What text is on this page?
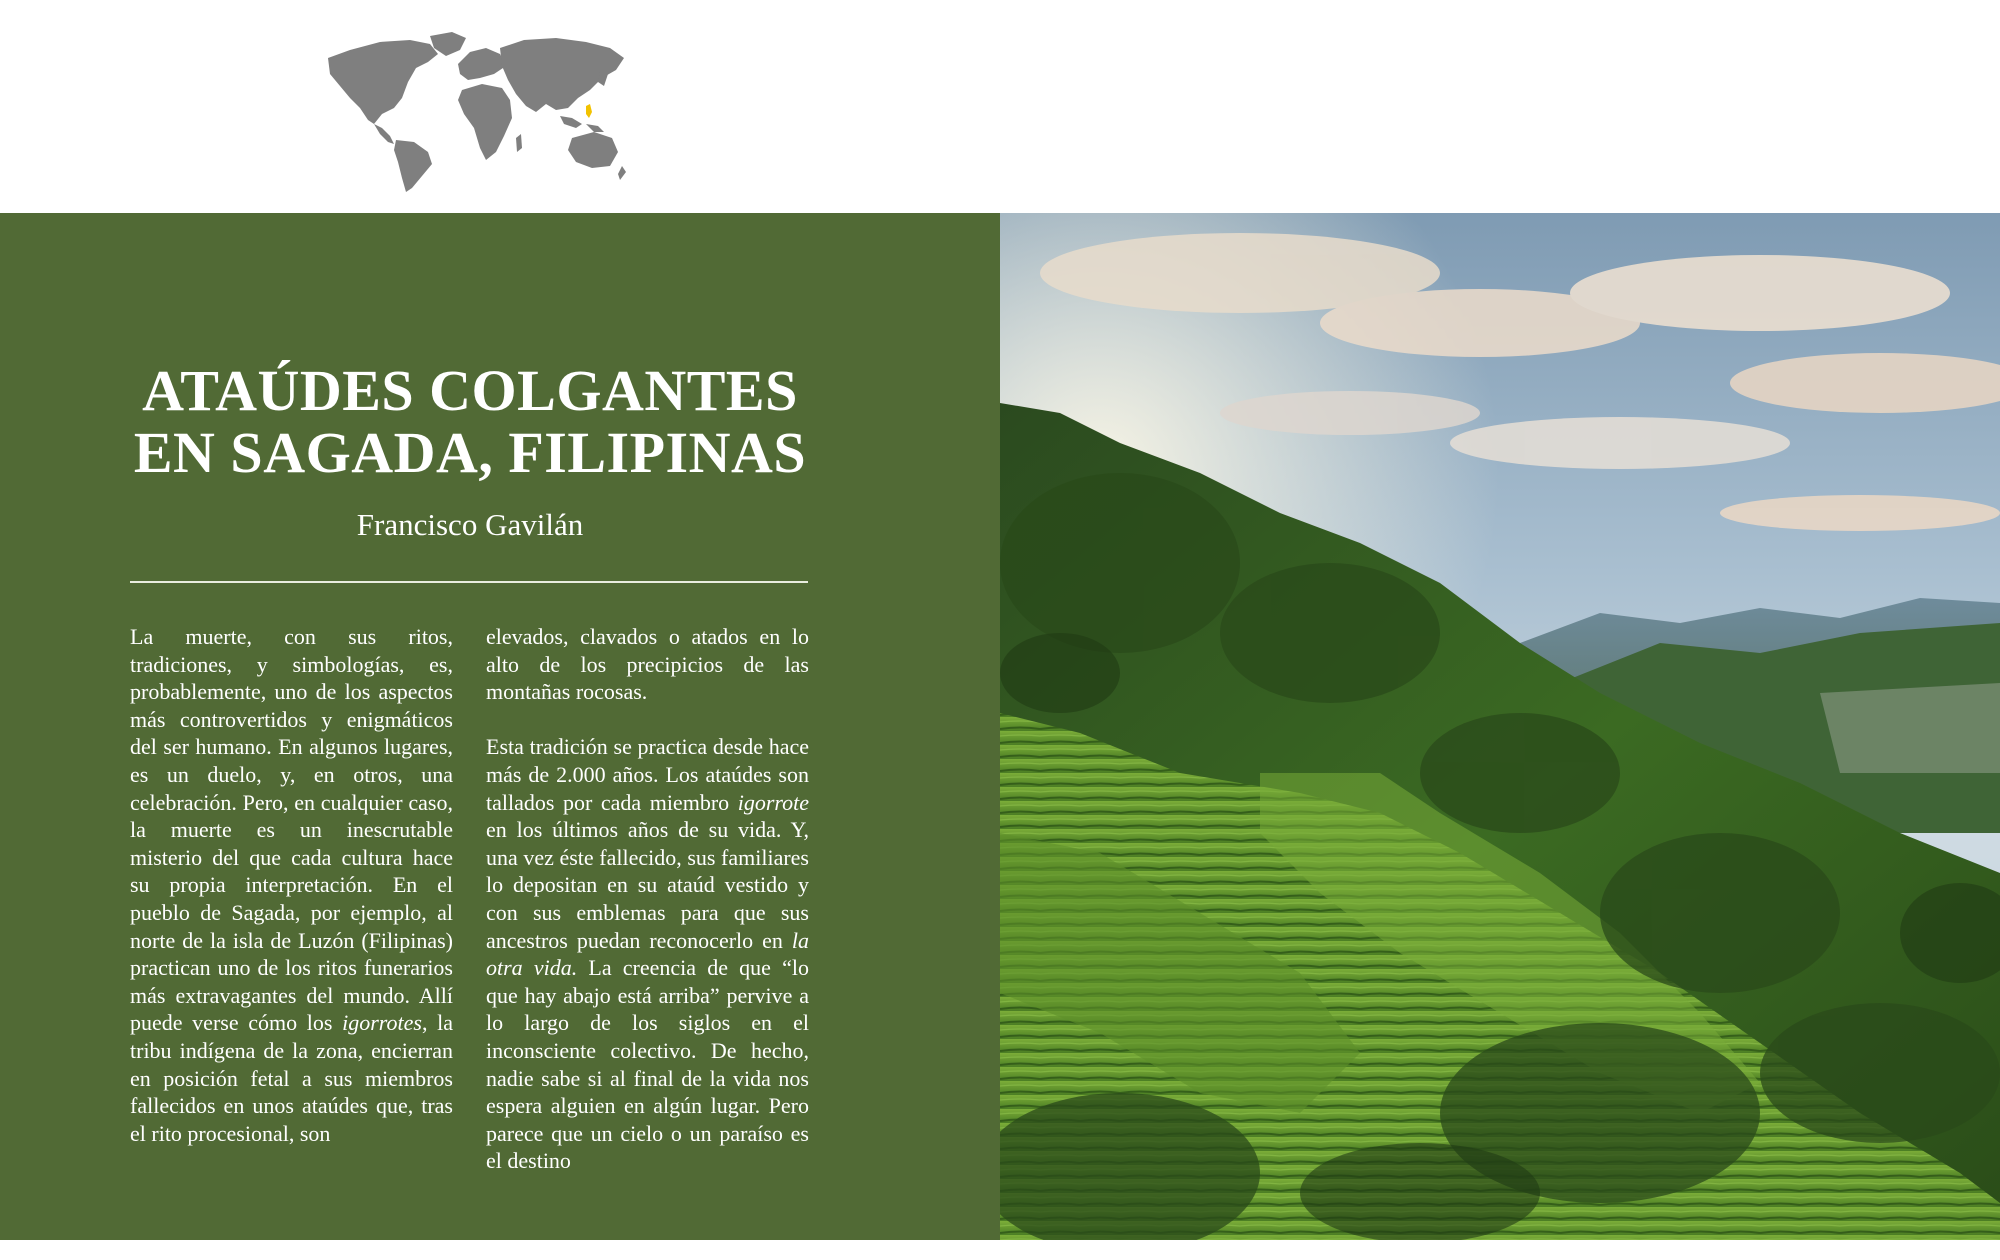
ATAÚDES COLGANTES
EN SAGADA, FILIPINAS
Francisco Gavilán

La muerte, con sus ritos, tradiciones, y simbologías, es, probablemente, uno de los aspectos más controvertidos y enigmáticos del ser humano. En algunos lugares, es un duelo, y, en otros, una celebración. Pero, en cualquier caso, la muerte es un inescrutable misterio del que cada cultura hace su propia interpretación. En el pueblo de Sagada, por ejemplo, al norte de la isla de Luzón (Filipinas) practican uno de los ritos funerarios más extravagantes del mundo. Allí puede verse cómo los igorrotes, la tribu indígena de la zona, encierran en posición fetal a sus miembros fallecidos en unos ataúdes que, tras el rito procesional, son

elevados, clavados o atados en lo alto de los precipicios de las montañas rocosas.

Esta tradición se practica desde hace más de 2.000 años. Los ataúdes son tallados por cada miembro igorrote en los últimos años de su vida. Y, una vez éste fallecido, sus familiares lo depositan en su ataúd vestido y con sus emblemas para que sus ancestros puedan reconocerlo en la otra vida. La creencia de que “lo que hay abajo está arriba” pervive a lo largo de los siglos en el inconsciente colectivo. De hecho, nadie sabe si al final de la vida nos espera alguien en algún lugar. Pero parece que un cielo o un paraíso es el destino
